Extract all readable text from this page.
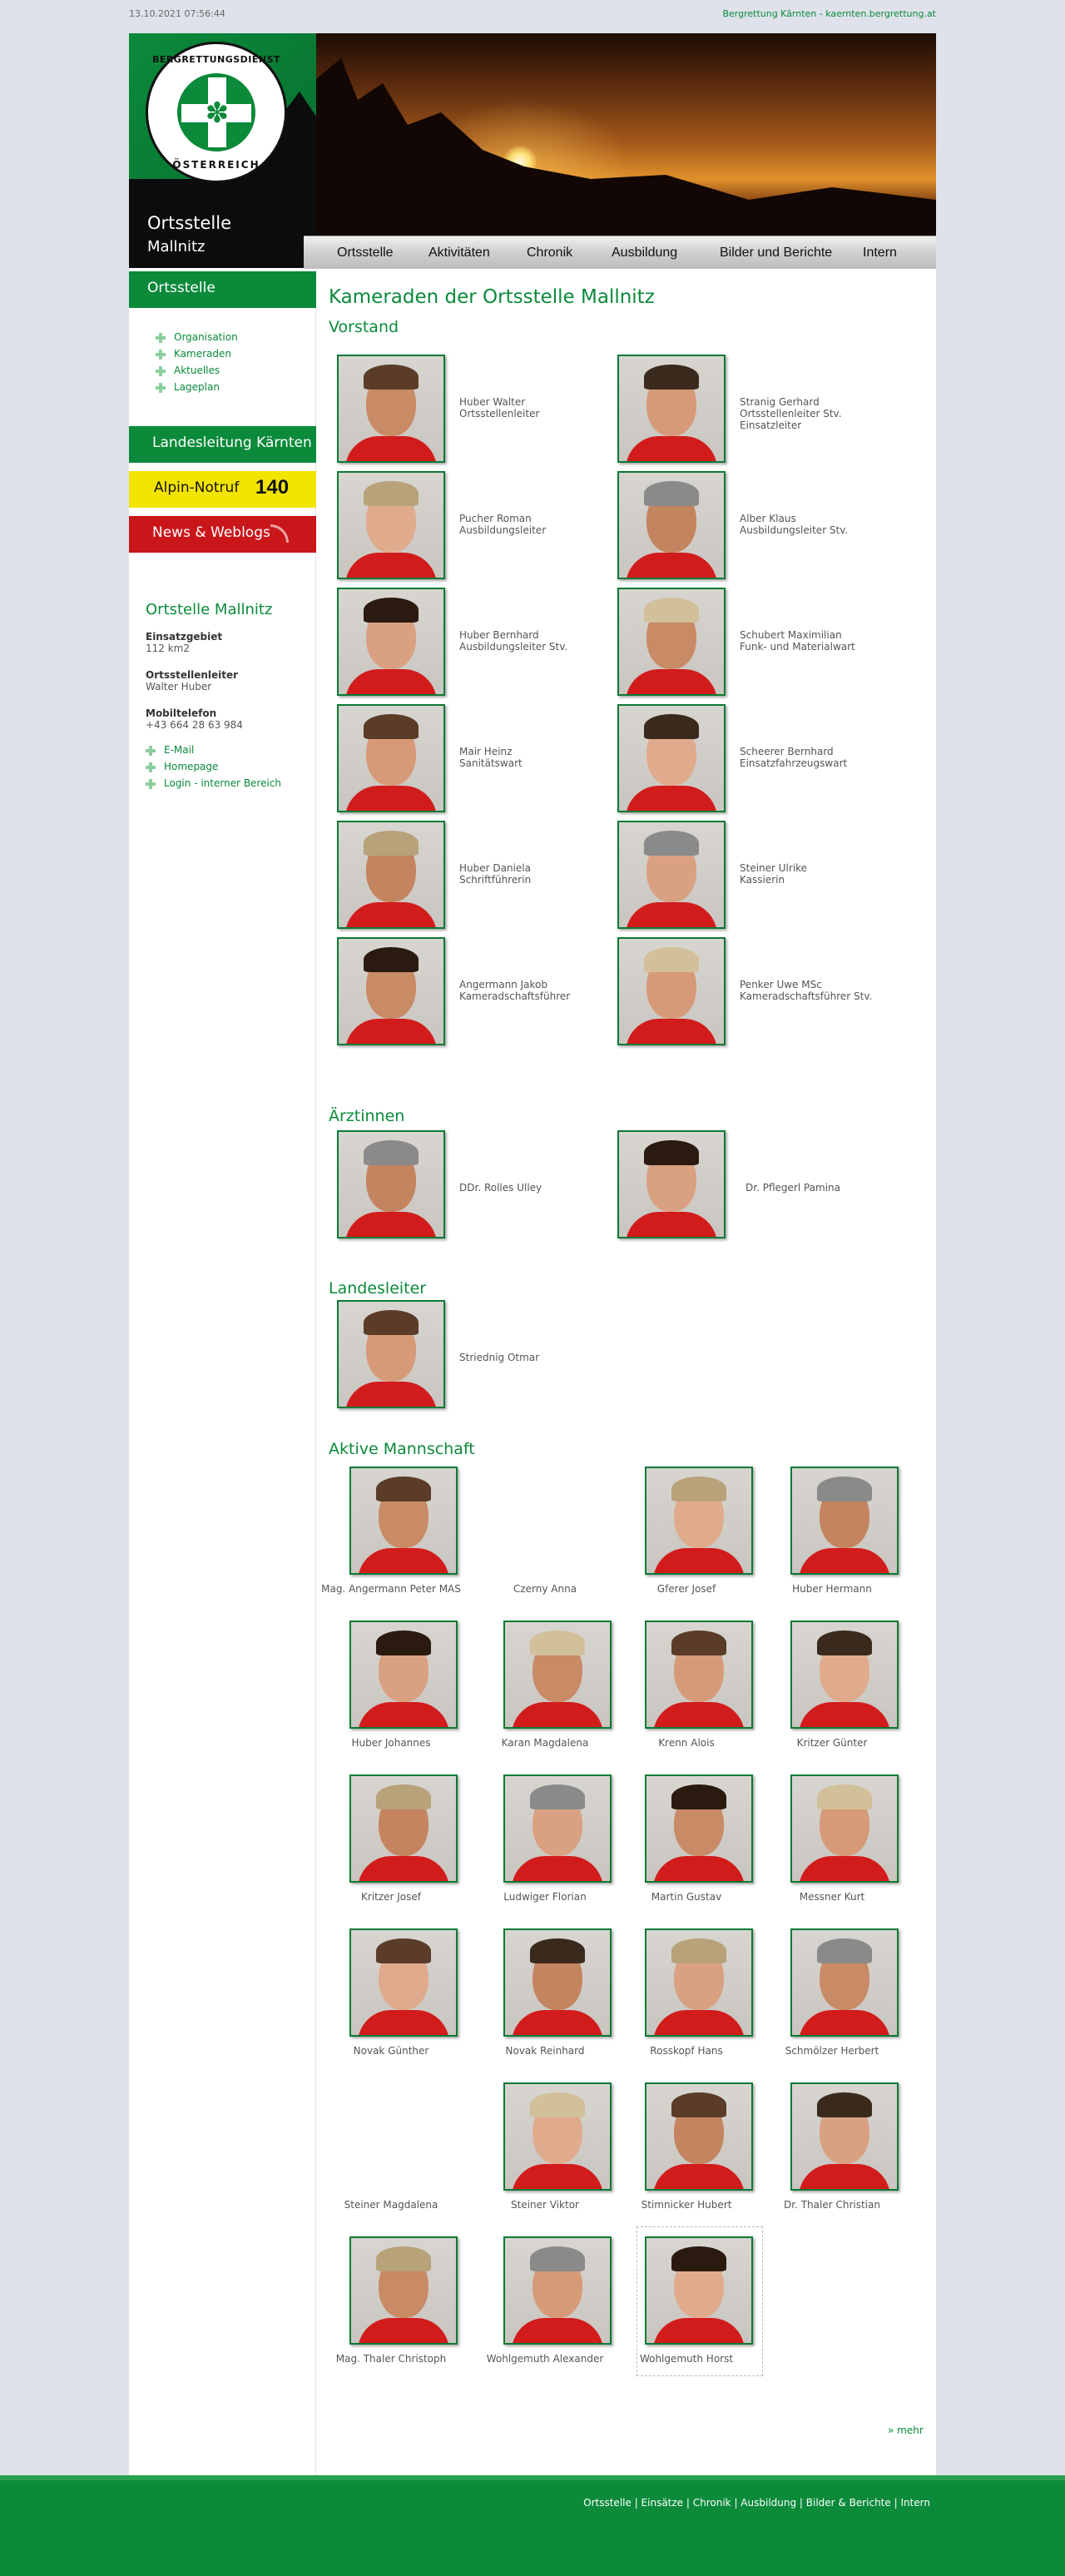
13.10.2021 07:56:44	Bergrettung Kärnten - kaernten.bergrettung.at
BERGRETTUNGSDIENST
✽
ÖSTERREICH
Ortsstelle
Mallnitz	Ortsstelle	Aktivitäten	Chronik	Ausbildung	Bilder und Berichte Intern
Ortsstelle
Organisation
Kameraden
Aktuelles
Lageplan
Landesleitung Kärnten
Alpin-Notruf 140
News & Weblogs
Ortstelle Mallnitz
Einsatzgebiet
112 km2
Ortsstellenleiter
Walter Huber
Mobiltelefon
+43 664 28 63 984
E-Mail
Homepage
Login - interner Bereich
Kameraden der Ortsstelle Mallnitz
Vorstand
Ärztinnen
Landesleiter
Aktive Mannschaft
» mehr
Huber Walter
Ortsstellenleiter
Stranig Gerhard
Ortsstellenleiter Stv.
Einsatzleiter
Pucher Roman
Ausbildungsleiter
Alber Klaus
Ausbildungsleiter Stv.
Huber Bernhard
Ausbildungsleiter Stv.
Schubert Maximilian
Funk- und Materialwart
Mair Heinz
Sanitätswart
Scheerer Bernhard
Einsatzfahrzeugswart
Huber Daniela
Schriftführerin
Steiner Ulrike
Kassierin
Angermann Jakob
Kameradschaftsführer
Penker Uwe MSc
Kameradschaftsführer Stv.
DDr. Rolles Ulley	Dr. Pflegerl Pamina
Striednig Otmar
Mag. Angermann Peter MAS	Czerny Anna	Gferer Josef	Huber Hermann
Huber Johannes	Karan Magdalena	Krenn Alois	Kritzer Günter
Kritzer Josef	Ludwiger Florian	Martin Gustav	Messner Kurt
Novak Günther	Novak Reinhard	Rosskopf Hans	Schmölzer Herbert
Steiner Magdalena	Steiner Viktor	Stimnicker Hubert	Dr. Thaler Christian
Mag. Thaler Christoph	Wohlgemuth Alexander	Wohlgemuth Horst
Ortsstelle | Einsätze | Chronik | Ausbildung | Bilder & Berichte | Intern
